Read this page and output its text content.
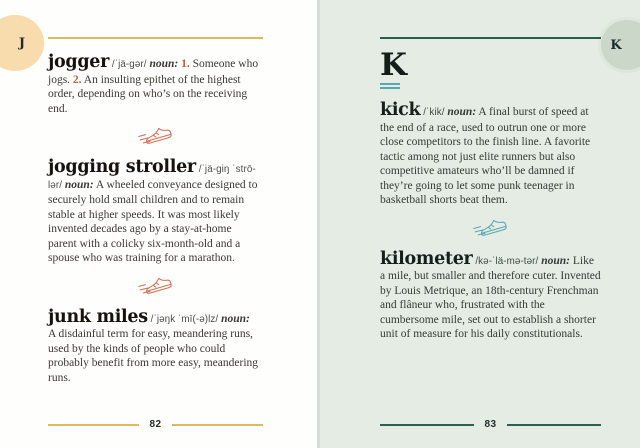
J

jogger /ˈjä-gər/ noun: 1. Someone who jogs. 2. An insulting epithet of the highest order, depending on who’s on the receiving end.

jogging stroller /ˈjä-giŋ ˈstrō-lər/ noun: A wheeled conveyance designed to securely hold small children and to remain stable at higher speeds. It was most likely invented decades ago by a stay-at-home parent with a colicky six-month-old and a spouse who was training for a marathon.

junk miles /ˈjəŋk ˈmī(-ə)lz/ noun:
A disdainful term for easy, meandering runs, used by the kinds of people who could probably benefit from more easy, meandering runs.

82
K
K

kick /ˈkik/ noun: A final burst of speed at the end of a race, used to outrun one or more close competitors to the finish line. A favorite tactic among not just elite runners but also competitive amateurs who’ll be damned if they’re going to let some punk teenager in basketball shorts beat them.

kilometer /kə-ˈlä-mə-tər/ noun: Like a mile, but smaller and therefore cuter. Invented by Louis Metrique, an 18th-century Frenchman and flâneur who, frustrated with the cumbersome mile, set out to establish a shorter unit of measure for his daily constitutionals.

83
